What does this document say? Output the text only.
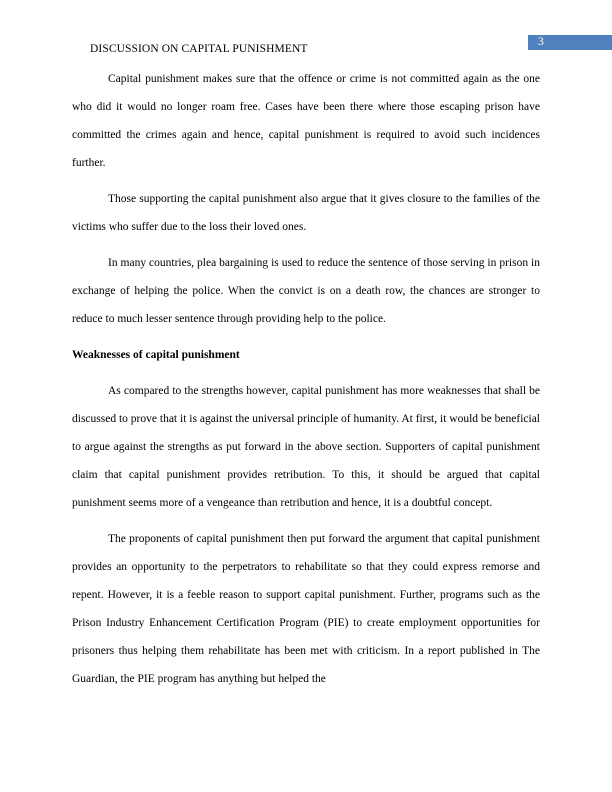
DISCUSSION ON CAPITAL PUNISHMENT
3

Capital punishment makes sure that the offence or crime is not committed again as the one who did it would no longer roam free. Cases have been there where those escaping prison have committed the crimes again and hence, capital punishment is required to avoid such incidences further.

Those supporting the capital punishment also argue that it gives closure to the families of the victims who suffer due to the loss their loved ones.

In many countries, plea bargaining is used to reduce the sentence of those serving in prison in exchange of helping the police. When the convict is on a death row, the chances are stronger to reduce to much lesser sentence through providing help to the police.

Weaknesses of capital punishment

As compared to the strengths however, capital punishment has more weaknesses that shall be discussed to prove that it is against the universal principle of humanity. At first, it would be beneficial to argue against the strengths as put forward in the above section. Supporters of capital punishment claim that capital punishment provides retribution. To this, it should be argued that capital punishment seems more of a vengeance than retribution and hence, it is a doubtful concept.

The proponents of capital punishment then put forward the argument that capital punishment provides an opportunity to the perpetrators to rehabilitate so that they could express remorse and repent. However, it is a feeble reason to support capital punishment. Further, programs such as the Prison Industry Enhancement Certification Program (PIE) to create employment opportunities for prisoners thus helping them rehabilitate has been met with criticism. In a report published in The Guardian, the PIE program has anything but helped the
